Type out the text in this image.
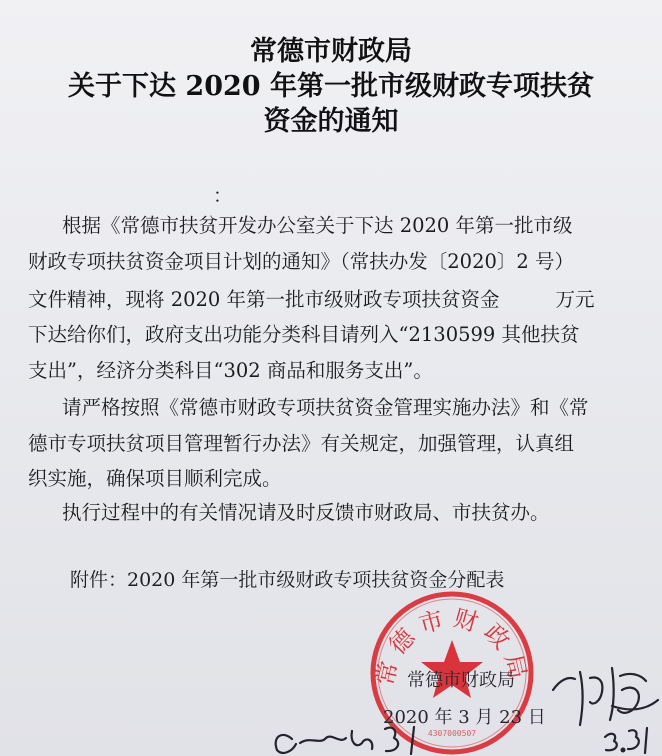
常德市财政局
关于下达 2020 年第一批市级财政专项扶贫
资金的通知
：

根据《常德市扶贫开发办公室关于下达 2020 年第一批市级

财政专项扶贫资金项目计划的通知》（常扶办发〔2020〕2 号）

文件精神，现将 2020 年第一批市级财政专项扶贫资金	万元

下达给你们，政府支出功能分类科目请列入“2130599 其他扶贫

支出”，经济分类科目“302 商品和服务支出”。

请严格按照《常德市财政专项扶贫资金管理实施办法》和《常

德市专项扶贫项目管理暂行办法》有关规定，加强管理，认真组

织实施，确保项目顺利完成。

执行过程中的有关情况请及时反馈市财政局、市扶贫办。

附件：2020 年第一批市级财政专项扶贫资金分配表
常德市财政局
4307000507
常德市财政局
2020 年 3 月 23 日
